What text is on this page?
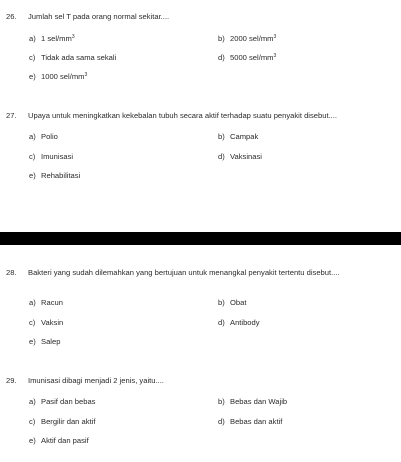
26. Jumlah sel T pada orang normal sekitar....
a) 1 sel/$mm^3$	b) 2000 sel/$mm^3$
c) Tidak ada sama sekali	d) 5000 sel/$mm^3$
e) 1000 sel/$mm^3$
27. Upaya untuk meningkatkan kekebalan tubuh secara aktif terhadap suatu penyakit disebut....
a) Polio	b) Campak
c) Imunisasi	d) Vaksinasi
e) Rehabilitasi
28. Bakteri yang sudah dilemahkan yang bertujuan untuk menangkal penyakit tertentu disebut....
a) Racun	b) Obat
c) Vaksin	d) Antibody
e) Salep
29. Imunisasi dibagi menjadi 2 jenis, yaitu....
a) Pasif dan bebas	b) Bebas dan Wajib
c) Bergilir dan aktif	d) Bebas dan aktif
e) Aktif dan pasif
